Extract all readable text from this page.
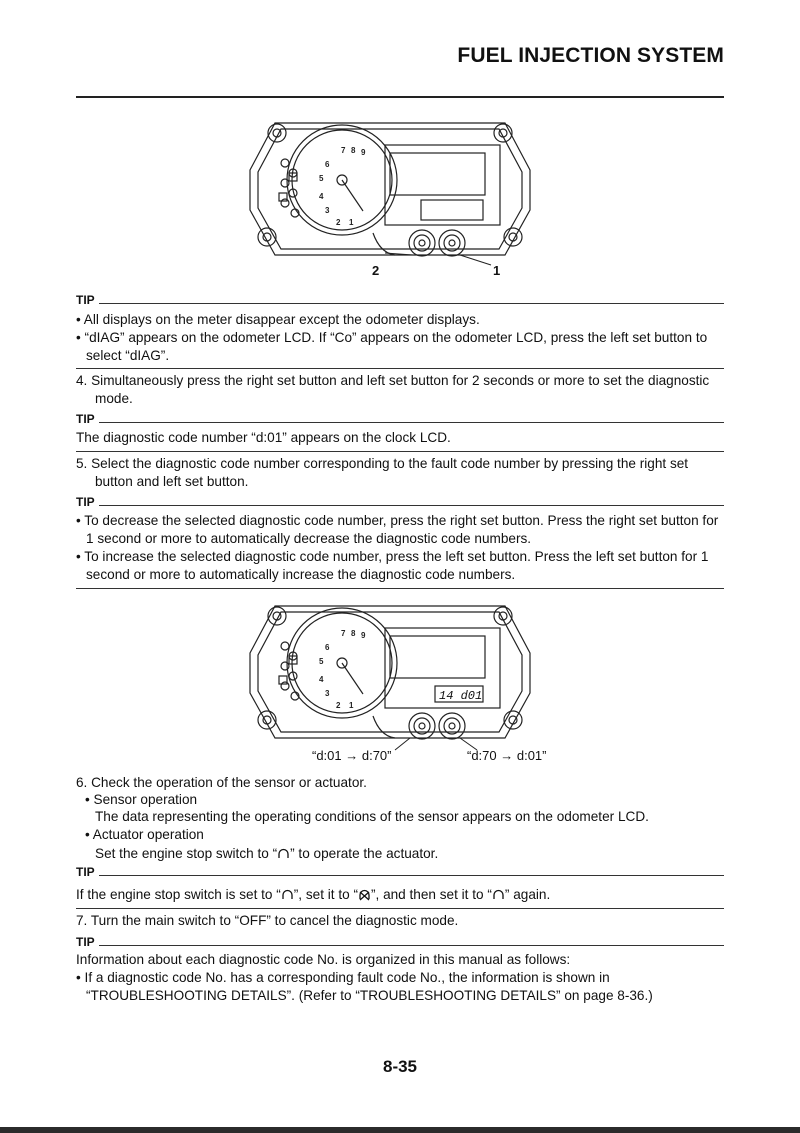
FUEL INJECTION SYSTEM
7 8 9
6
5
4
3
2 1
2	1
TIP
• All displays on the meter disappear except the odometer displays.
• “dIAG” appears on the odometer LCD. If “Co” appears on the odometer LCD, press the left set button to select “dIAG”.
4. Simultaneously press the right set button and left set button for 2 seconds or more to set the diagnostic mode.
TIP
The diagnostic code number “d:01” appears on the clock LCD.
5. Select the diagnostic code number corresponding to the fault code number by pressing the right set button and left set button.
TIP
• To decrease the selected diagnostic code number, press the right set button. Press the right set button for 1 second or more to automatically decrease the diagnostic code numbers.
• To increase the selected diagnostic code number, press the left set button. Press the left set button for 1 second or more to automatically increase the diagnostic code numbers.
7 8 9
6
5
4
3
2 1
14 d01
“d:01 → d:70”	“d:70 → d:01”
6. Check the operation of the sensor or actuator.
• Sensor operation
The data representing the operating conditions of the sensor appears on the odometer LCD.
• Actuator operation
Set the engine stop switch to “ ” to operate the actuator.
TIP
If the engine stop switch is set to “ ”, set it to “ ”, and then set it to “ ” again.
7. Turn the main switch to “OFF” to cancel the diagnostic mode.
TIP
Information about each diagnostic code No. is organized in this manual as follows:
• If a diagnostic code No. has a corresponding fault code No., the information is shown in “TROUBLESHOOTING DETAILS”. (Refer to “TROUBLESHOOTING DETAILS” on page 8-36.)
8-35
